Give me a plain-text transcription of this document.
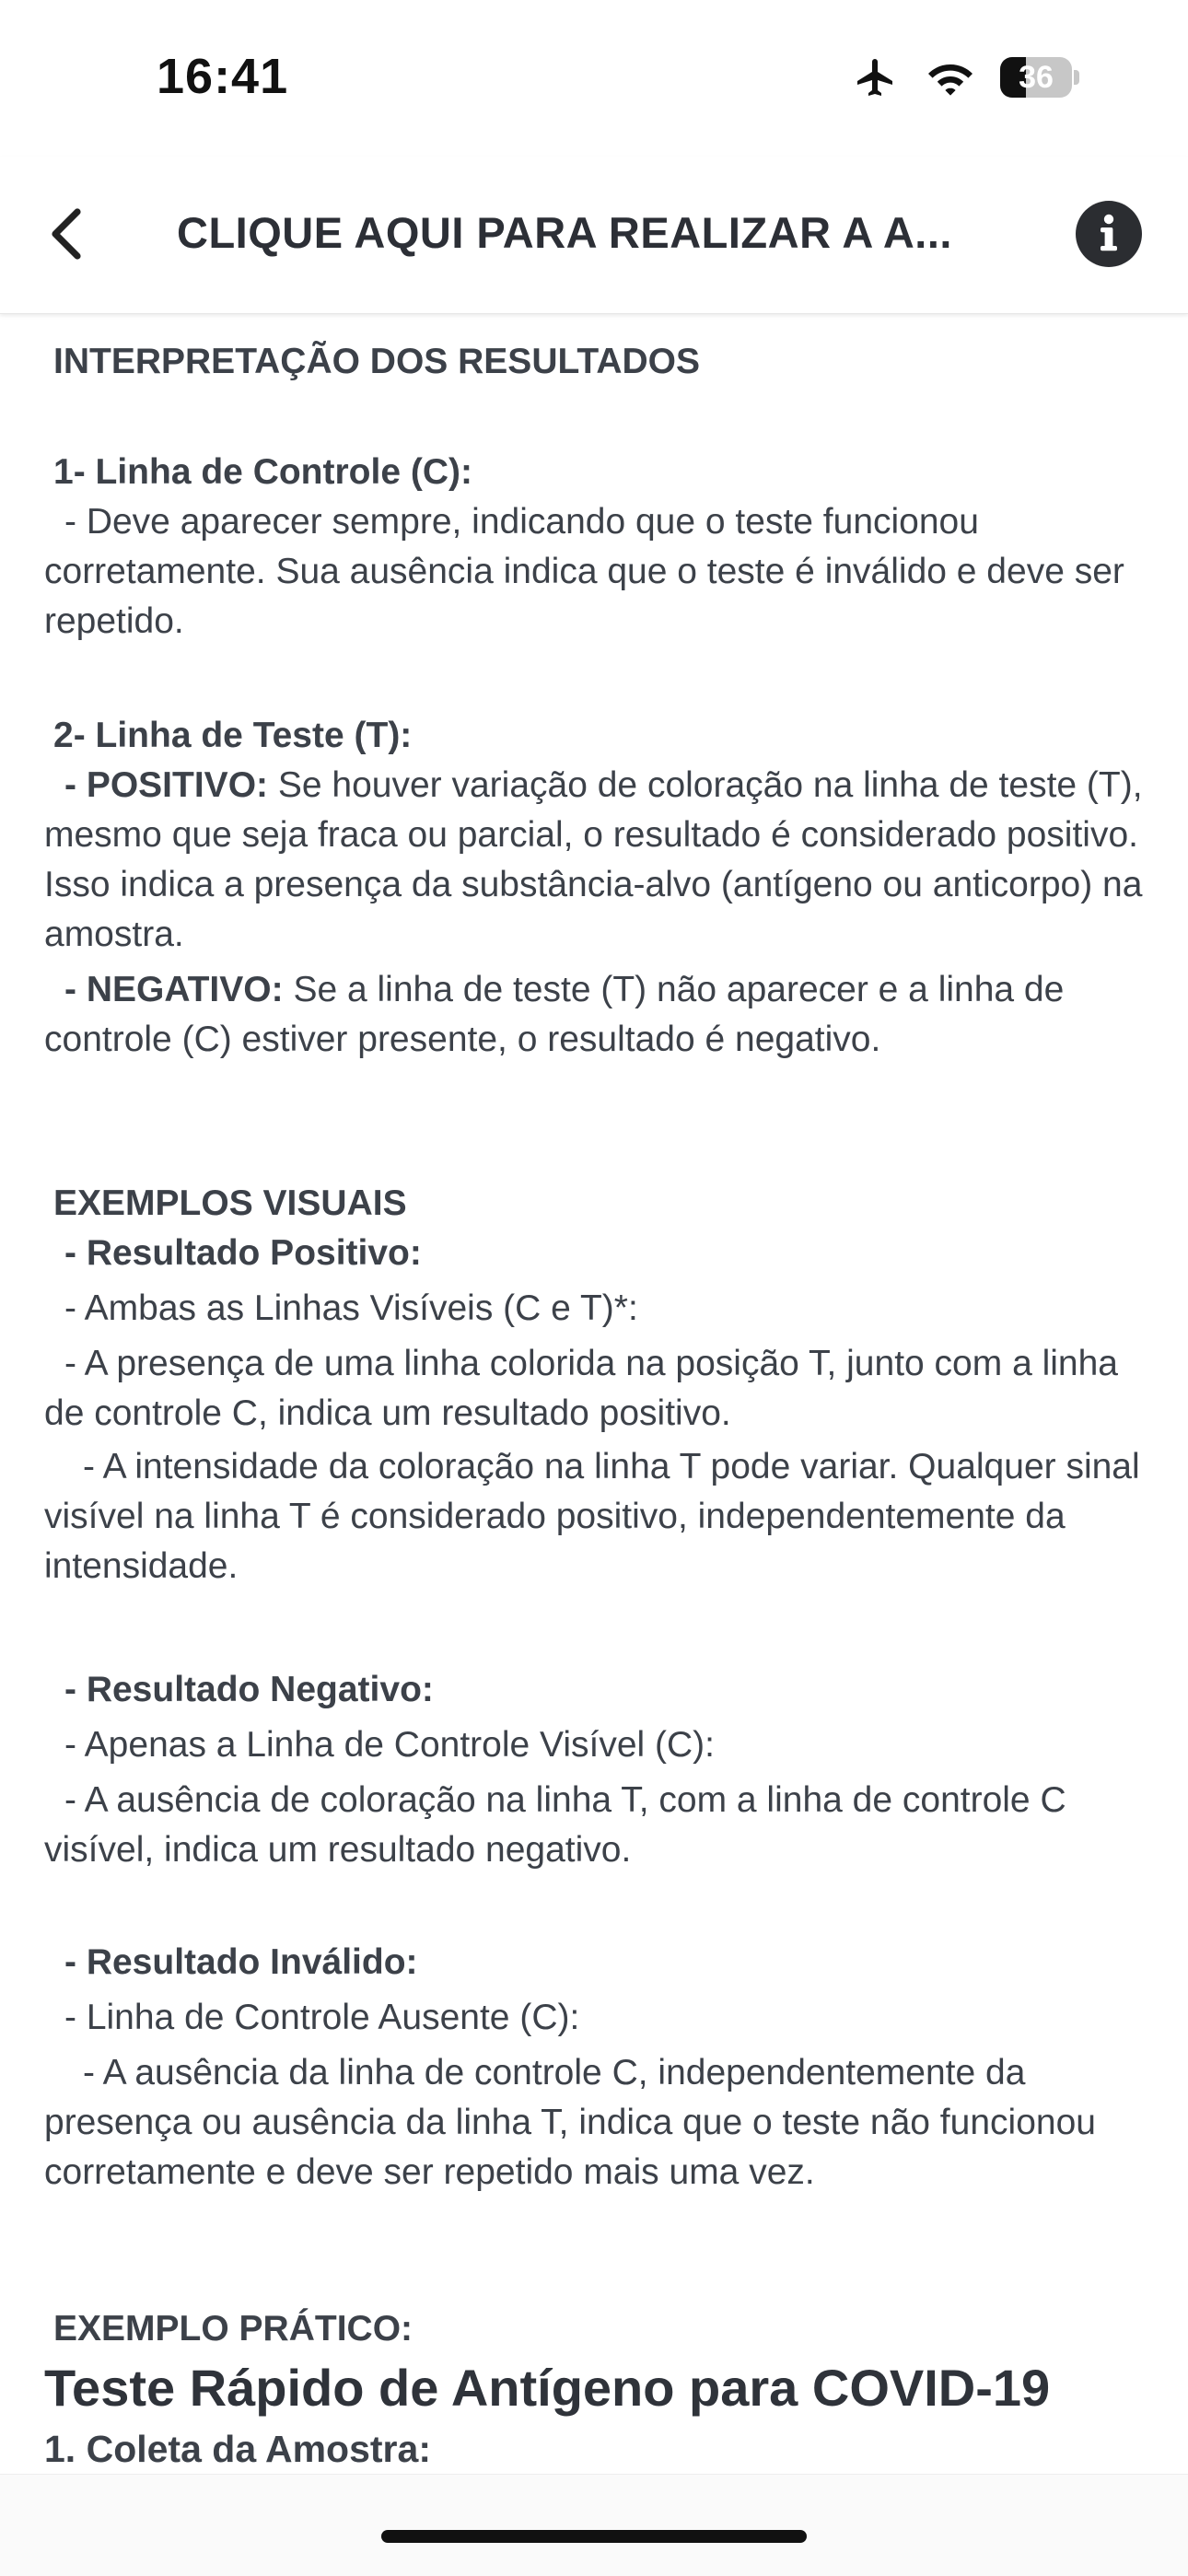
16:41	36
CLIQUE AQUI PARA REALIZAR A A...
INTERPRETAÇÃO DOS RESULTADOS
1- Linha de Controle (C):
- Deve aparecer sempre, indicando que o teste funcionou corretamente. Sua ausência indica que o teste é inválido e deve ser repetido.
2- Linha de Teste (T):
- POSITIVO: Se houver variação de coloração na linha de teste (T), mesmo que seja fraca ou parcial, o resultado é considerado positivo. Isso indica a presença da substância-alvo (antígeno ou anticorpo) na amostra.
- NEGATIVO: Se a linha de teste (T) não aparecer e a linha de controle (C) estiver presente, o resultado é negativo.
EXEMPLOS VISUAIS
- Resultado Positivo:
- Ambas as Linhas Visíveis (C e T)*:
- A presença de uma linha colorida na posição T, junto com a linha de controle C, indica um resultado positivo.
- A intensidade da coloração na linha T pode variar. Qualquer sinal visível na linha T é considerado positivo, independentemente da intensidade.
- Resultado Negativo:
- Apenas a Linha de Controle Visível (C):
- A ausência de coloração na linha T, com a linha de controle C visível, indica um resultado negativo.
- Resultado Inválido:
- Linha de Controle Ausente (C):
- A ausência da linha de controle C, independentemente da presença ou ausência da linha T, indica que o teste não funcionou corretamente e deve ser repetido mais uma vez.
EXEMPLO PRÁTICO:
Teste Rápido de Antígeno para COVID-19
1. Coleta da Amostra:
